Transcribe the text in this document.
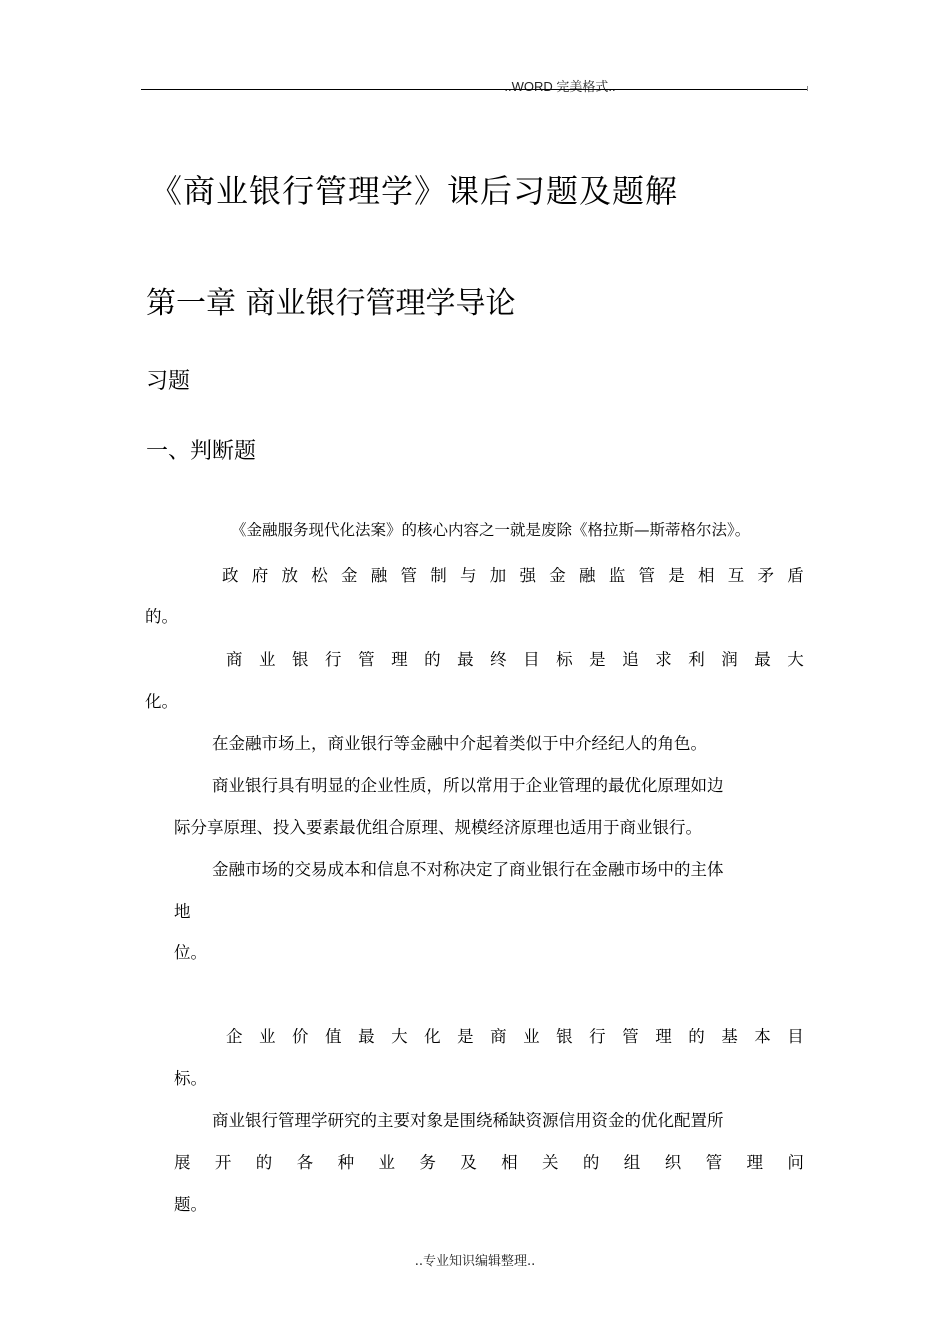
..WORD 完美格式..
《商业银行管理学》课后习题及题解
第一章 商业银行管理学导论
习题
一、判断题
《金融服务现代化法案》的核心内容之一就是废除《格拉斯—斯蒂格尔法》。
政 府 放 松 金 融 管 制 与 加 强 金 融 监 管 是 相 互 矛 盾
的。
商 业 银 行 管 理 的 最 终 目 标 是 追 求 利 润 最 大
化。
在金融市场上，商业银行等金融中介起着类似于中介经纪人的角色。
商业银行具有明显的企业性质，所以常用于企业管理的最优化原理如边
际分享原理、投入要素最优组合原理、规模经济原理也适用于商业银行。
金融市场的交易成本和信息不对称决定了商业银行在金融市场中的主体
地
位。
企 业 价 值 最 大 化 是 商 业 银 行 管 理 的 基 本 目
标。
商业银行管理学研究的主要对象是围绕稀缺资源信用资金的优化配置所
展 开 的 各 种 业 务 及 相 关 的 组 织 管 理 问
题。
..专业知识编辑整理..
